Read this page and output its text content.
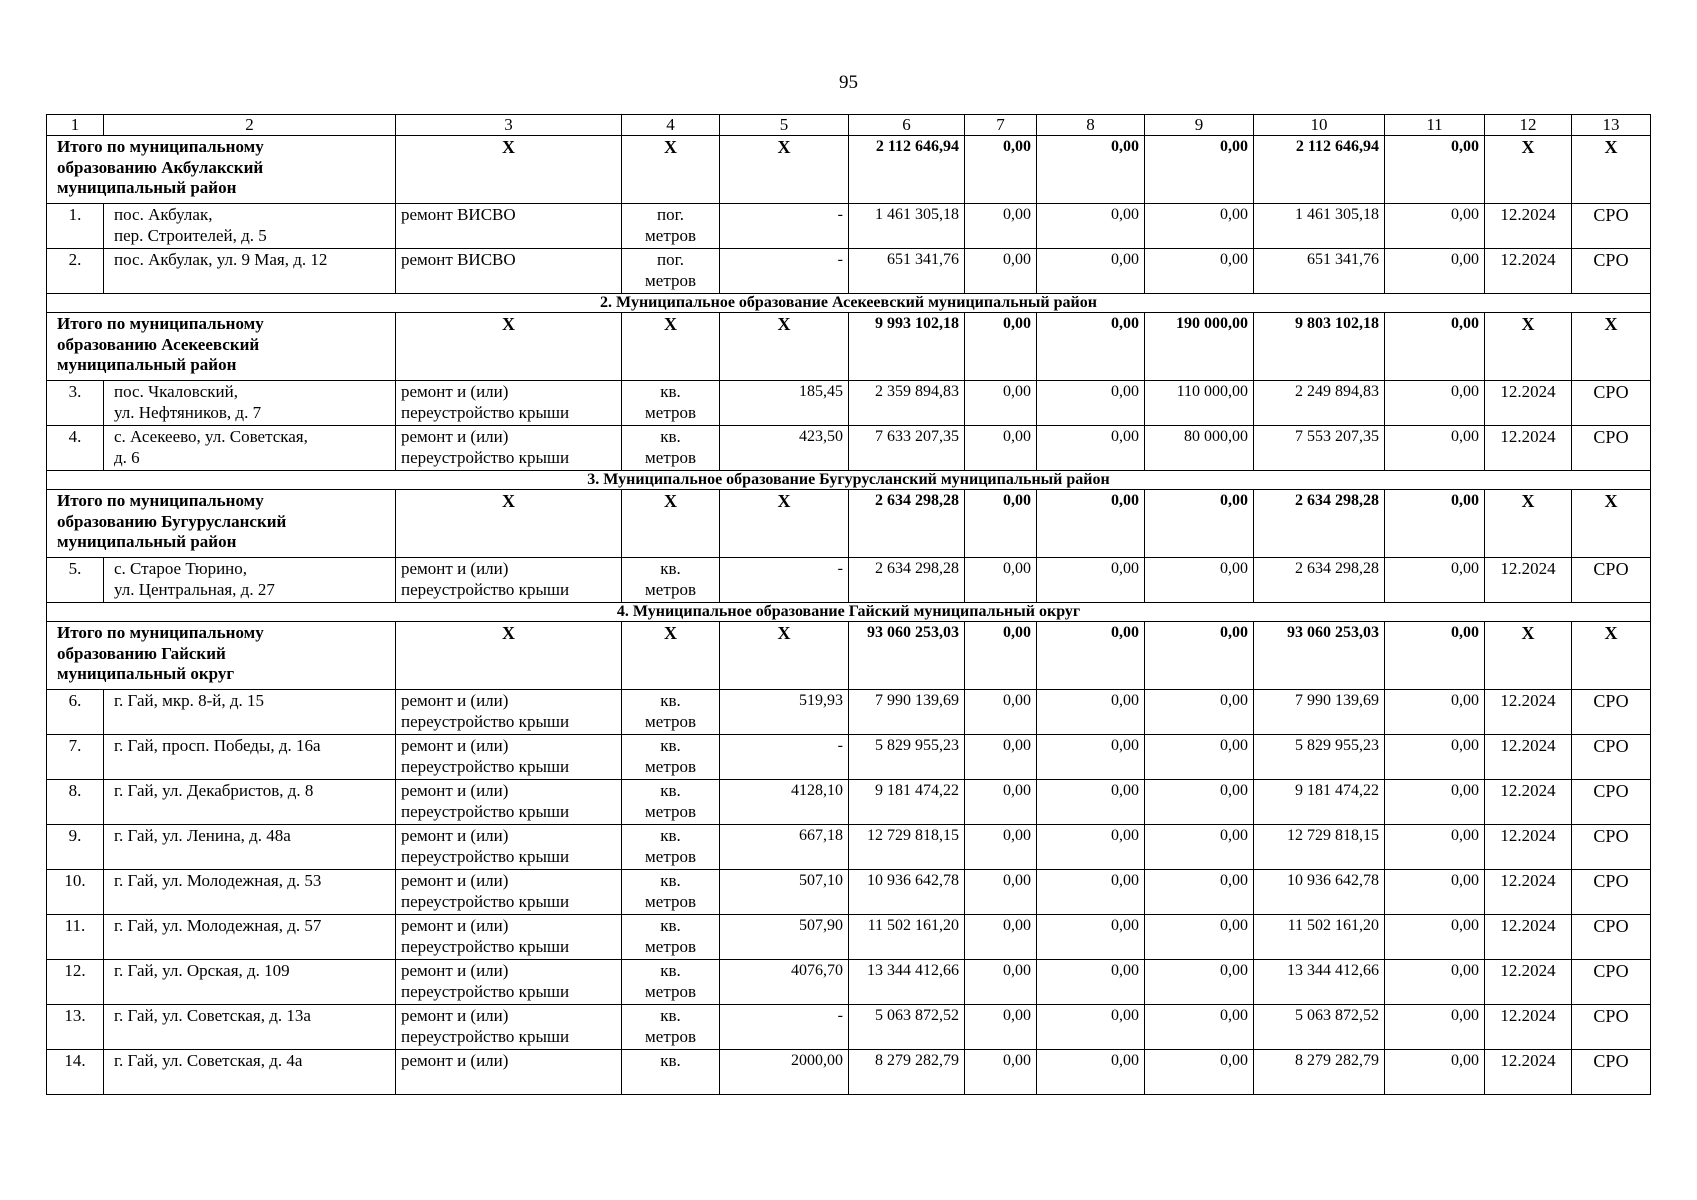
95
1	2	3	4	5	6	7	8	9	10	11	12	13

Итого по муниципальному
образованию Акбулакский
муниципальный район		X	X	X	2 112 646,94	0,00	0,00	0,00	2 112 646,94	0,00	X	X
1.	пос. Акбулак,
пер. Строителей, д. 5	ремонт ВИСВО	пог.
метров	-	1 461 305,18	0,00	0,00	0,00	1 461 305,18	0,00	12.2024	СРО
2.	пос. Акбулак, ул. 9 Мая, д. 12	ремонт ВИСВО	пог.
метров	-	651 341,76	0,00	0,00	0,00	651 341,76	0,00	12.2024	СРО
2. Муниципальное образование Асекеевский муниципальный район												

Итого по муниципальному
образованию Асекеевский
муниципальный район		X	X	X	9 993 102,18	0,00	0,00	190 000,00	9 803 102,18	0,00	X	X
3.	пос. Чкаловский,
ул. Нефтяников, д. 7	ремонт и (или)
переустройство крыши	кв.
метров	185,45	2 359 894,83	0,00	0,00	110 000,00	2 249 894,83	0,00	12.2024	СРО
4.	с. Асекеево, ул. Советская,
д. 6	ремонт и (или)
переустройство крыши	кв.
метров	423,50	7 633 207,35	0,00	0,00	80 000,00	7 553 207,35	0,00	12.2024	СРО
3. Муниципальное образование Бугурусланский муниципальный район												

Итого по муниципальному
образованию Бугурусланский
муниципальный район		X	X	X	2 634 298,28	0,00	0,00	0,00	2 634 298,28	0,00	X	X
5.	с. Старое Тюрино,
ул. Центральная, д. 27	ремонт и (или)
переустройство крыши	кв.
метров	-	2 634 298,28	0,00	0,00	0,00	2 634 298,28	0,00	12.2024	СРО
4. Муниципальное образование Гайский муниципальный округ												

Итого по муниципальному
образованию Гайский
муниципальный округ		X	X	X	93 060 253,03	0,00	0,00	0,00	93 060 253,03	0,00	X	X
6.	г. Гай, мкр. 8-й, д. 15	ремонт и (или)
переустройство крыши	кв.
метров	519,93	7 990 139,69	0,00	0,00	0,00	7 990 139,69	0,00	12.2024	СРО
7.	г. Гай, просп. Победы, д. 16а	ремонт и (или)
переустройство крыши	кв.
метров	-	5 829 955,23	0,00	0,00	0,00	5 829 955,23	0,00	12.2024	СРО
8.	г. Гай, ул. Декабристов, д. 8	ремонт и (или)
переустройство крыши	кв.
метров	4128,10	9 181 474,22	0,00	0,00	0,00	9 181 474,22	0,00	12.2024	СРО
9.	г. Гай, ул. Ленина, д. 48а	ремонт и (или)
переустройство крыши	кв.
метров	667,18	12 729 818,15	0,00	0,00	0,00	12 729 818,15	0,00	12.2024	СРО
10.	г. Гай, ул. Молодежная, д. 53	ремонт и (или)
переустройство крыши	кв.
метров	507,10	10 936 642,78	0,00	0,00	0,00	10 936 642,78	0,00	12.2024	СРО
11.	г. Гай, ул. Молодежная, д. 57	ремонт и (или)
переустройство крыши	кв.
метров	507,90	11 502 161,20	0,00	0,00	0,00	11 502 161,20	0,00	12.2024	СРО
12.	г. Гай, ул. Орская, д. 109	ремонт и (или)
переустройство крыши	кв.
метров	4076,70	13 344 412,66	0,00	0,00	0,00	13 344 412,66	0,00	12.2024	СРО
13.	г. Гай, ул. Советская, д. 13а	ремонт и (или)
переустройство крыши	кв.
метров	-	5 063 872,52	0,00	0,00	0,00	5 063 872,52	0,00	12.2024	СРО
14.	г. Гай, ул. Советская, д. 4а	ремонт и (или)	кв.	2000,00	8 279 282,79	0,00	0,00	0,00	8 279 282,79	0,00	12.2024	СРО
